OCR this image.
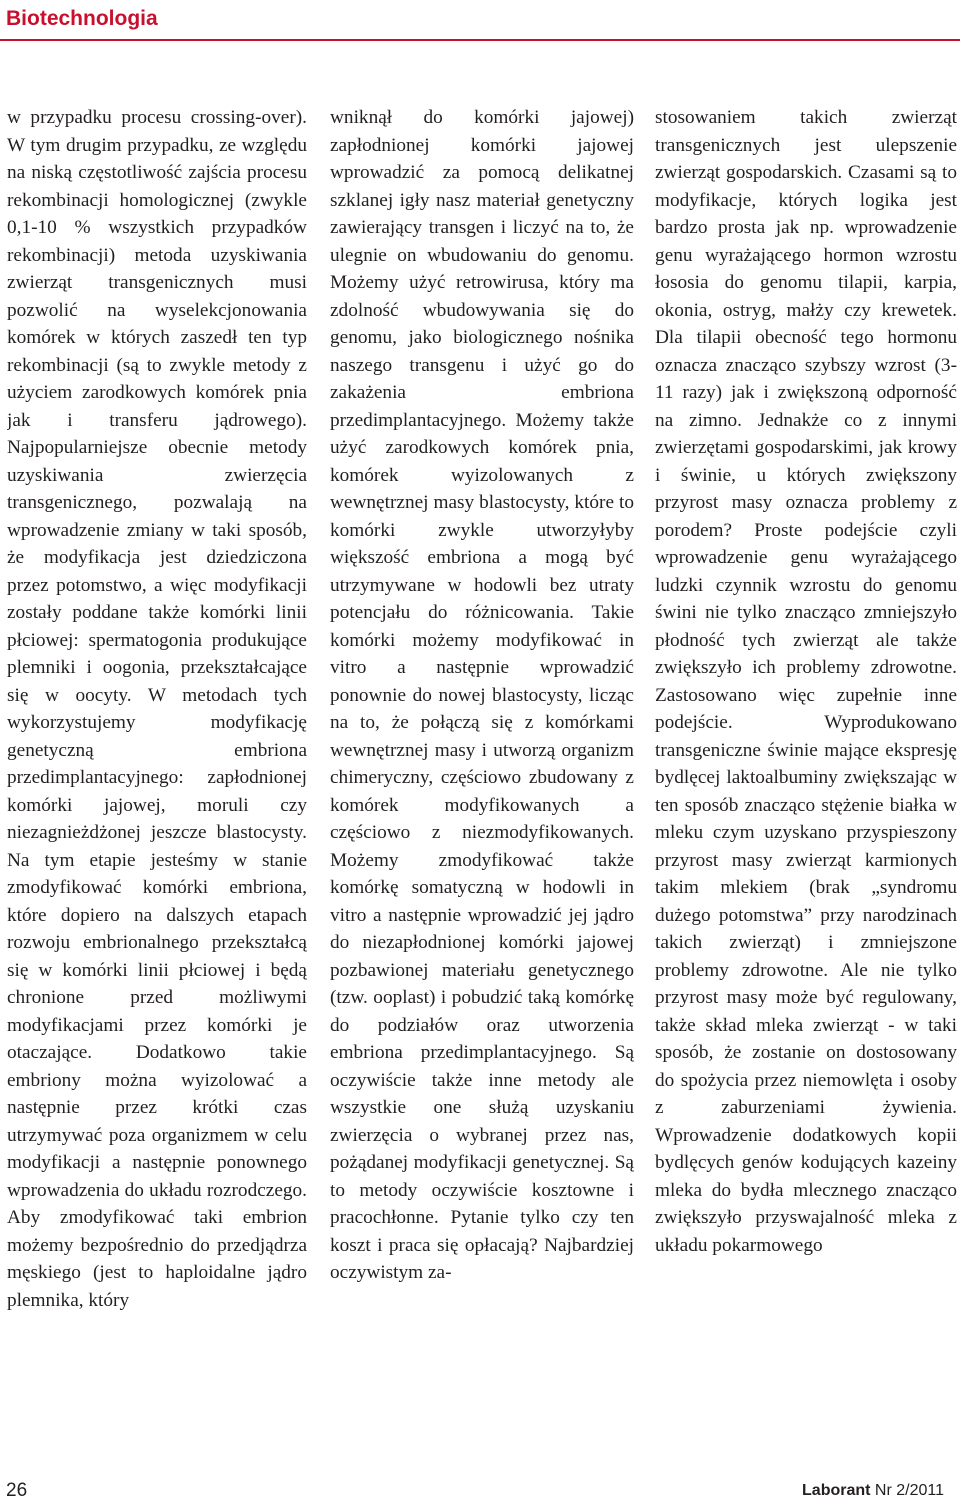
Biotechnologia

w przypadku procesu crossing-over). W tym drugim przypadku, ze względu na niską częstotliwość zajścia procesu rekombinacji homologicznej (zwykle 0,1-10 % wszystkich przypadków rekombinacji) metoda uzyskiwania zwierząt transgenicznych musi pozwolić na wyselekcjonowania komórek w których zaszedł ten typ rekombinacji (są to zwykle metody z użyciem zarodkowych komórek pnia jak i transferu jądrowego). Najpopularniejsze obecnie metody uzyskiwania zwierzęcia transgenicznego, pozwalają na wprowadzenie zmiany w taki sposób, że modyfikacja jest dziedziczona przez potomstwo, a więc modyfikacji zostały poddane także komórki linii płciowej: spermatogonia produkujące plemniki i oogonia, przekształcające się w oocyty. W metodach tych wykorzystujemy modyfikację genetyczną embriona przedimplantacyjnego: zapłodnionej komórki jajowej, moruli czy niezagnieżdżonej jeszcze blastocysty. Na tym etapie jesteśmy w stanie zmodyfikować komórki embriona, które dopiero na dalszych etapach rozwoju embrionalnego przekształcą się w komórki linii płciowej i będą chronione przed możliwymi modyfikacjami przez komórki je otaczające. Dodatkowo takie embriony można wyizolować a następnie przez krótki czas utrzymywać poza organizmem w celu modyfikacji a następnie ponownego wprowadzenia do układu rozrodczego. Aby zmodyfikować taki embrion możemy bezpośrednio do przedjądrza męskiego (jest to haploidalne jądro plemnika, który

wniknął do komórki jajowej) zapłodnionej komórki jajowej wprowadzić za pomocą delikatnej szklanej igły nasz materiał genetyczny zawierający transgen i liczyć na to, że ulegnie on wbudowaniu do genomu. Możemy użyć retrowirusa, który ma zdolność wbudowywania się do genomu, jako biologicznego nośnika naszego transgenu i użyć go do zakażenia embriona przedimplantacyjnego. Możemy także użyć zarodkowych komórek pnia, komórek wyizolowanych z wewnętrznej masy blastocysty, które to komórki zwykle utworzyłyby większość embriona a mogą być utrzymywane w hodowli bez utraty potencjału do różnicowania. Takie komórki możemy modyfikować in vitro a następnie wprowadzić ponownie do nowej blastocysty, licząc na to, że połączą się z komórkami wewnętrznej masy i utworzą organizm chimeryczny, częściowo zbudowany z komórek modyfikowanych a częściowo z niezmodyfikowanych. Możemy zmodyfikować także komórkę somatyczną w hodowli in vitro a następnie wprowadzić jej jądro do niezapłodnionej komórki jajowej pozbawionej materiału genetycznego (tzw. ooplast) i pobudzić taką komórkę do podziałów oraz utworzenia embriona przedimplantacyjnego. Są oczywiście także inne metody ale wszystkie one służą uzyskaniu zwierzęcia o wybranej przez nas, pożądanej modyfikacji genetycznej. Są to metody oczywiście kosztowne i pracochłonne. Pytanie tylko czy ten koszt i praca się opłacają? Najbardziej oczywistym za-

stosowaniem takich zwierząt transgenicznych jest ulepszenie zwierząt gospodarskich. Czasami są to modyfikacje, których logika jest bardzo prosta jak np. wprowadzenie genu wyrażającego hormon wzrostu łososia do genomu tilapii, karpia, okonia, ostryg, małży czy krewetek. Dla tilapii obecność tego hormonu oznacza znacząco szybszy wzrost (3-11 razy) jak i zwiększoną odporność na zimno. Jednakże co z innymi zwierzętami gospodarskimi, jak krowy i świnie, u których zwiększony przyrost masy oznacza problemy z porodem? Proste podejście czyli wprowadzenie genu wyrażającego ludzki czynnik wzrostu do genomu świni nie tylko znacząco zmniejszyło płodność tych zwierząt ale także zwiększyło ich problemy zdrowotne. Zastosowano więc zupełnie inne podejście. Wyprodukowano transgeniczne świnie mające ekspresję bydlęcej laktoalbuminy zwiększając w ten sposób znacząco stężenie białka w mleku czym uzyskano przyspieszony przyrost masy zwierząt karmionych takim mlekiem (brak „syndromu dużego potomstwa” przy narodzinach takich zwierząt) i zmniejszone problemy zdrowotne. Ale nie tylko przyrost masy może być regulowany, także skład mleka zwierząt - w taki sposób, że zostanie on dostosowany do spożycia przez niemowlęta i osoby z zaburzeniami żywienia. Wprowadzenie dodatkowych kopii bydlęcych genów kodujących kazeiny mleka do bydła mlecznego znacząco zwiększyło przyswajalność mleka z układu pokarmowego

26	Laborant Nr 2/2011
